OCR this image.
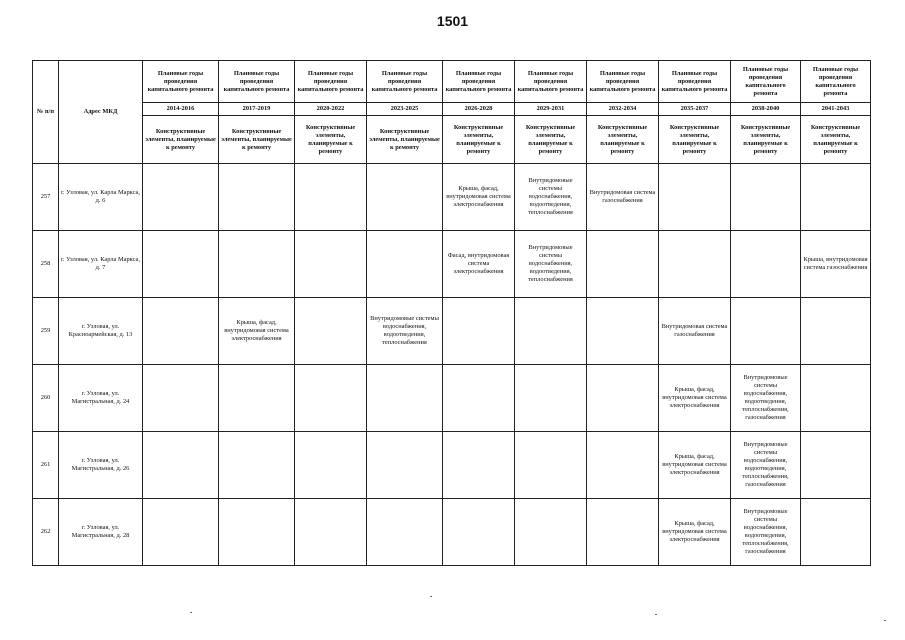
1501
№ п/п	Адрес МКД	Плановые годы проведения капитального ремонта	Плановые годы проведения капитального ремонта	Плановые годы проведения капитального ремонта	Плановые годы проведения капитального ремонта	Плановые годы проведения капитального ремонта	Плановые годы проведения капитального ремонта	Плановые годы проведения капитального ремонта	Плановые годы проведения капитального ремонта	Плановые годы проведения капитального ремонта	Плановые годы проведения капитального ремонта
		2014-2016	2017-2019	2020-2022	2023-2025	2026-2028	2029-2031	2032-2034	2035-2037	2038-2040	2041-2043
		Конструктивные элементы, планируемые к ремонту	Конструктивные элементы, планируемые к ремонту	Конструктивные элементы, планируемые к ремонту	Конструктивные элементы, планируемые к ремонту	Конструктивные элементы, планируемые к ремонту	Конструктивные элементы, планируемые к ремонту	Конструктивные элементы, планируемые к ремонту	Конструктивные элементы, планируемые к ремонту	Конструктивные элементы, планируемые к ремонту	Конструктивные элементы, планируемые к ремонту
257	г. Узловая, ул. Карла Маркса, д. 6					Крыша, фасад, внутридомовая система электроснабжения	Внутридомовые системы водоснабжения, водоотведения, теплоснабжения	Внутридомовая система газоснабжения			
258	г. Узловая, ул. Карла Маркса, д. 7					Фасад, внутридомовая система электроснабжения	Внутридомовые системы водоснабжения, водоотведения, теплоснабжения				Крыша, внутридомовая система газоснабжения
259	г. Узловая, ул. Красноармейская, д. 13		Крыша, фасад, внутридомовая система электроснабжения		Внутридомовые системы водоснабжения, водоотведения, теплоснабжения				Внутридомовая система газоснабжения		
260	г. Узловая, ул. Магистральная, д. 24								Крыша, фасад, внутридомовая система электроснабжения	Внутридомовые системы водоснабжения, водоотведения, теплоснабжения, газоснабжения	
261	г. Узловая, ул. Магистральная, д. 26								Крыша, фасад, внутридомовая система электроснабжения	Внутридомовые системы водоснабжения, водоотведения, теплоснабжения, газоснабжения	
262	г. Узловая, ул. Магистральная, д. 28								Крыша, фасад, внутридомовая система электроснабжения	Внутридомовые системы водоснабжения, водоотведения, теплоснабжения, газоснабжения	
